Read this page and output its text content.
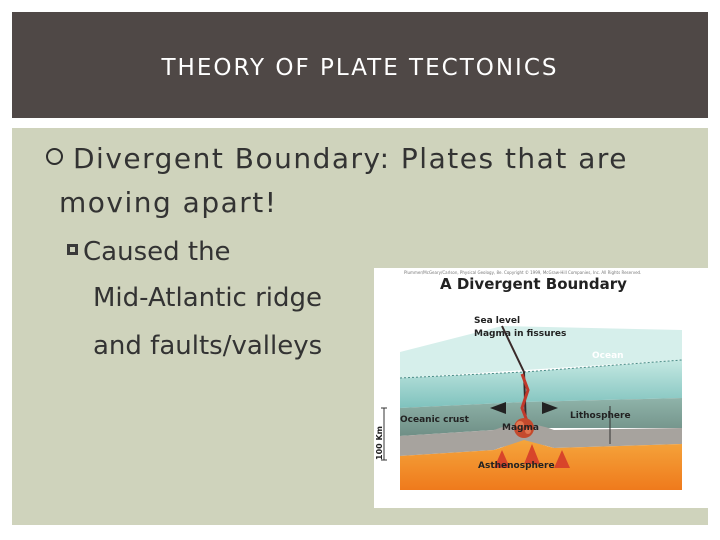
THEORY OF PLATE TECTONICS
Divergent Boundary: Plates that are
moving apart!
Caused the
Mid-Atlantic ridge
and faults/valleys
Plummer/McGeary/Carlson, Physical Geology, 8e. Copyright © 1999, McGraw-Hill Companies, Inc. All Rights Reserved.
A Divergent Boundary
Sea level
Magma in fissures
Ocean
Oceanic crust	Lithosphere
Magma
Asthenosphere
100 Km
